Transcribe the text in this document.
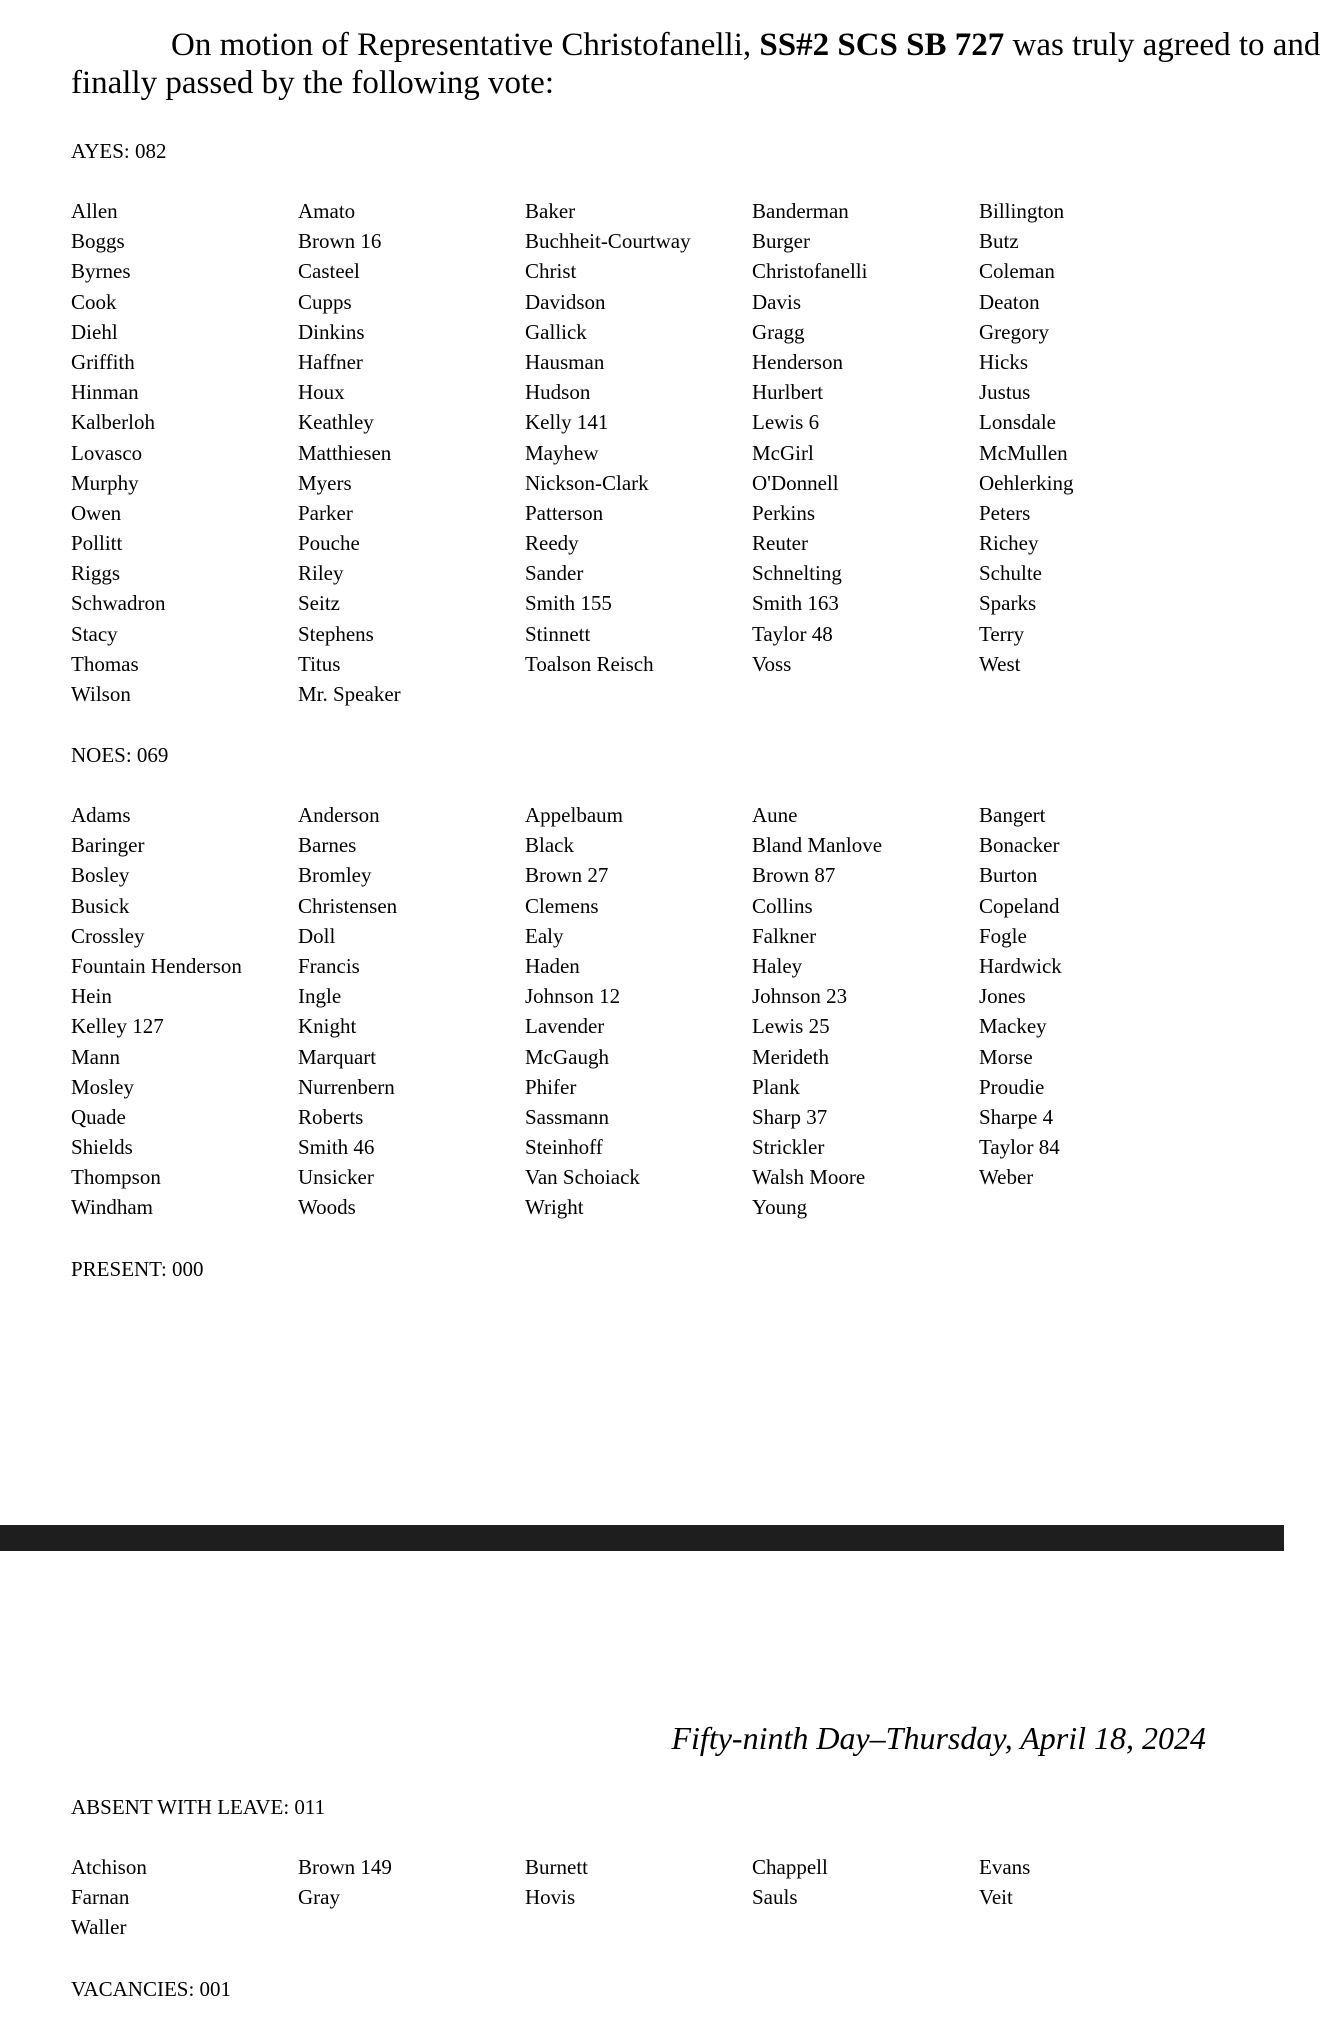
On motion of Representative Christofanelli, SS#2 SCS SB 727 was truly agreed to and
finally passed by the following vote:
AYES: 082
Allen	Amato	Baker	Banderman	Billington
Boggs	Brown 16	Buchheit-Courtway	Burger	Butz
Byrnes	Casteel	Christ	Christofanelli	Coleman
Cook	Cupps	Davidson	Davis	Deaton
Diehl	Dinkins	Gallick	Gragg	Gregory
Griffith	Haffner	Hausman	Henderson	Hicks
Hinman	Houx	Hudson	Hurlbert	Justus
Kalberloh	Keathley	Kelly 141	Lewis 6	Lonsdale
Lovasco	Matthiesen	Mayhew	McGirl	McMullen
Murphy	Myers	Nickson-Clark	O'Donnell	Oehlerking
Owen	Parker	Patterson	Perkins	Peters
Pollitt	Pouche	Reedy	Reuter	Richey
Riggs	Riley	Sander	Schnelting	Schulte
Schwadron	Seitz	Smith 155	Smith 163	Sparks
Stacy	Stephens	Stinnett	Taylor 48	Terry
Thomas	Titus	Toalson Reisch	Voss	West
Wilson	Mr. Speaker
NOES: 069
Adams	Anderson	Appelbaum	Aune	Bangert
Baringer	Barnes	Black	Bland Manlove	Bonacker
Bosley	Bromley	Brown 27	Brown 87	Burton
Busick	Christensen	Clemens	Collins	Copeland
Crossley	Doll	Ealy	Falkner	Fogle
Fountain Henderson	Francis	Haden	Haley	Hardwick
Hein	Ingle	Johnson 12	Johnson 23	Jones
Kelley 127	Knight	Lavender	Lewis 25	Mackey
Mann	Marquart	McGaugh	Merideth	Morse
Mosley	Nurrenbern	Phifer	Plank	Proudie
Quade	Roberts	Sassmann	Sharp 37	Sharpe 4
Shields	Smith 46	Steinhoff	Strickler	Taylor 84
Thompson	Unsicker	Van Schoiack	Walsh Moore	Weber
Windham	Woods	Wright	Young
PRESENT: 000
Fifty-ninth Day–Thursday, April 18, 2024
ABSENT WITH LEAVE: 011
Atchison	Brown 149	Burnett	Chappell	Evans
Farnan	Gray	Hovis	Sauls	Veit
Waller
VACANCIES: 001
